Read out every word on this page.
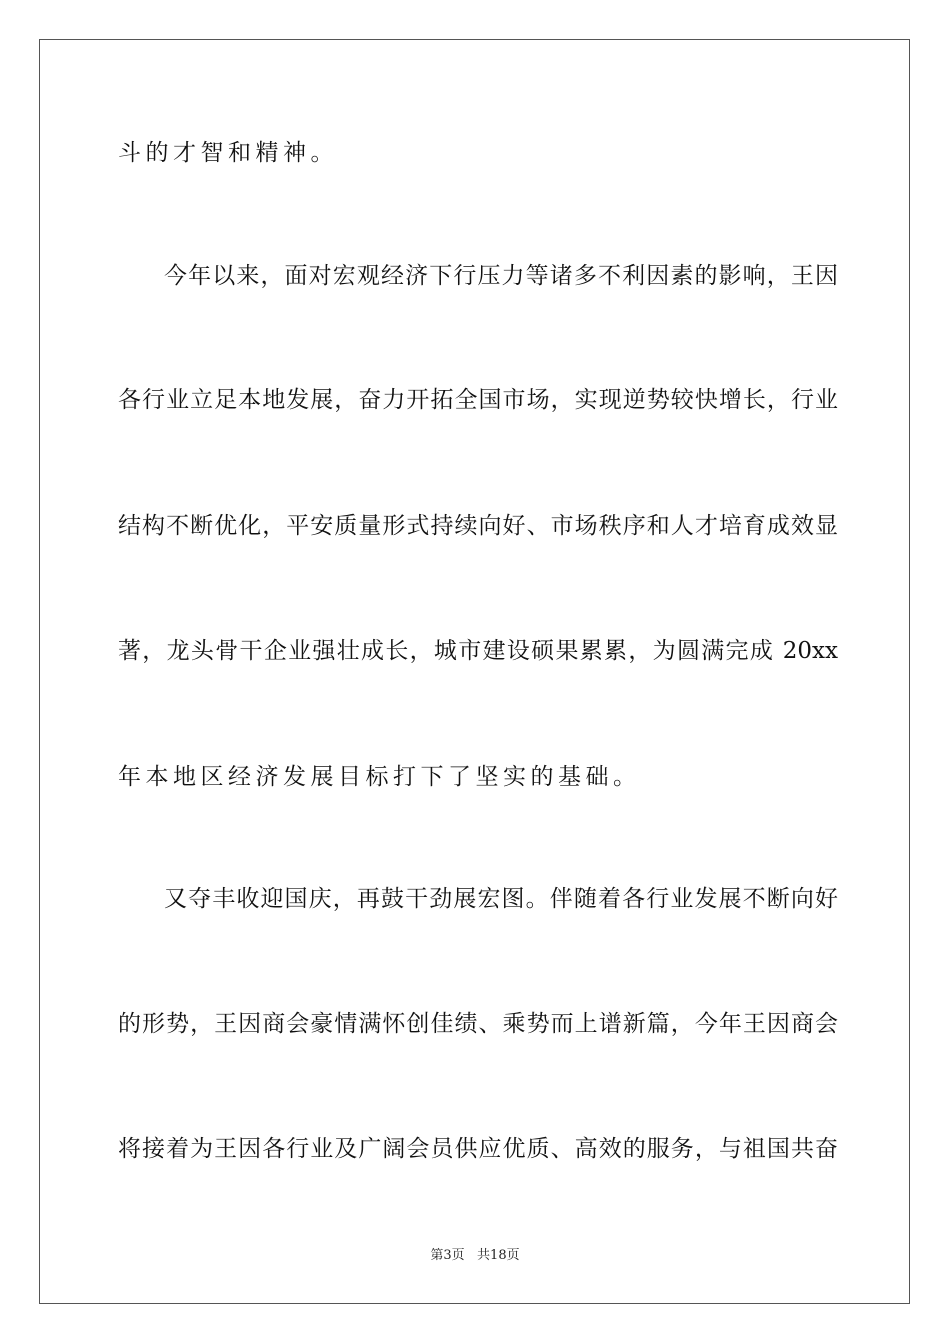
斗的才智和精神。
今年以来，面对宏观经济下行压力等诸多不利因素的影响，王因
各行业立足本地发展，奋力开拓全国市场，实现逆势较快增长，行业
结构不断优化，平安质量形式持续向好、市场秩序和人才培育成效显
著，龙头骨干企业强壮成长，城市建设硕果累累，为圆满完成 20xx
年本地区经济发展目标打下了坚实的基础。
又夺丰收迎国庆，再鼓干劲展宏图。伴随着各行业发展不断向好
的形势，王因商会豪情满怀创佳绩、乘势而上谱新篇，今年王因商会
将接着为王因各行业及广阔会员供应优质、高效的服务，与祖国共奋
第3页   共18页
